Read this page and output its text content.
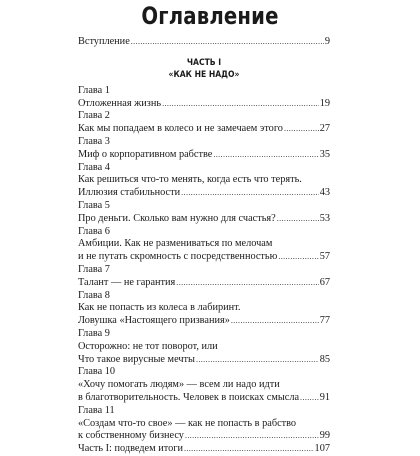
Оглавление
Вступление .....	9
ЧАСТЬ I
«КАК НЕ НАДО»
Глава 1
Отложенная жизнь .....	19
Глава 2
Как мы попадаем в колесо и не замечаем этого .....	27
Глава 3
Миф о корпоративном рабстве .....	35
Глава 4
Как решиться что-то менять, когда есть что терять.
Иллюзия стабильности .....	43
Глава 5
Про деньги. Сколько вам нужно для счастья? .....	53
Глава 6
Амбиции. Как не размениваться по мелочам
и не путать скромность с посредственностью .....	57
Глава 7
Талант — не гарантия .....	67
Глава 8
Как не попасть из колеса в лабиринт.
Ловушка «Настоящего призвания» .....	77
Глава 9
Осторожно: не тот поворот, или
Что такое вирусные мечты .....	85
Глава 10
«Хочу помогать людям» — всем ли надо идти
в благотворительность. Человек в поисках смысла ..... 91
Глава 11
«Создам что-то свое» — как не попасть в рабство
к собственному бизнесу .....	99
Часть I: подведем итоги .....	107
